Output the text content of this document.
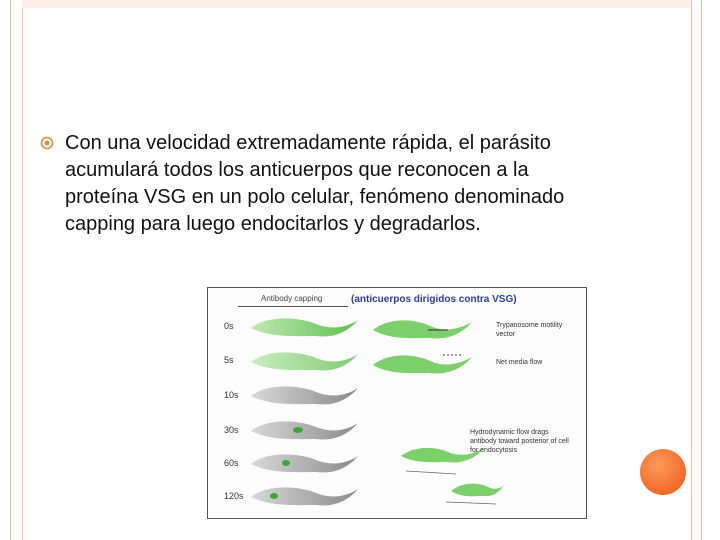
Con una velocidad extremadamente rápida, el parásito acumulará todos los anticuerpos que reconocen a la proteína VSG en un polo celular, fenómeno denominado capping para luego endocitarlos y degradarlos.
Antibody capping	(anticuerpos dirigidos contra VSG)
0s
5s
10s
30s
60s
120s
Trypanosome motility vector
Net media flow
Hydrodynamic flow drags antibody toward posterior of cell for endocytosis
